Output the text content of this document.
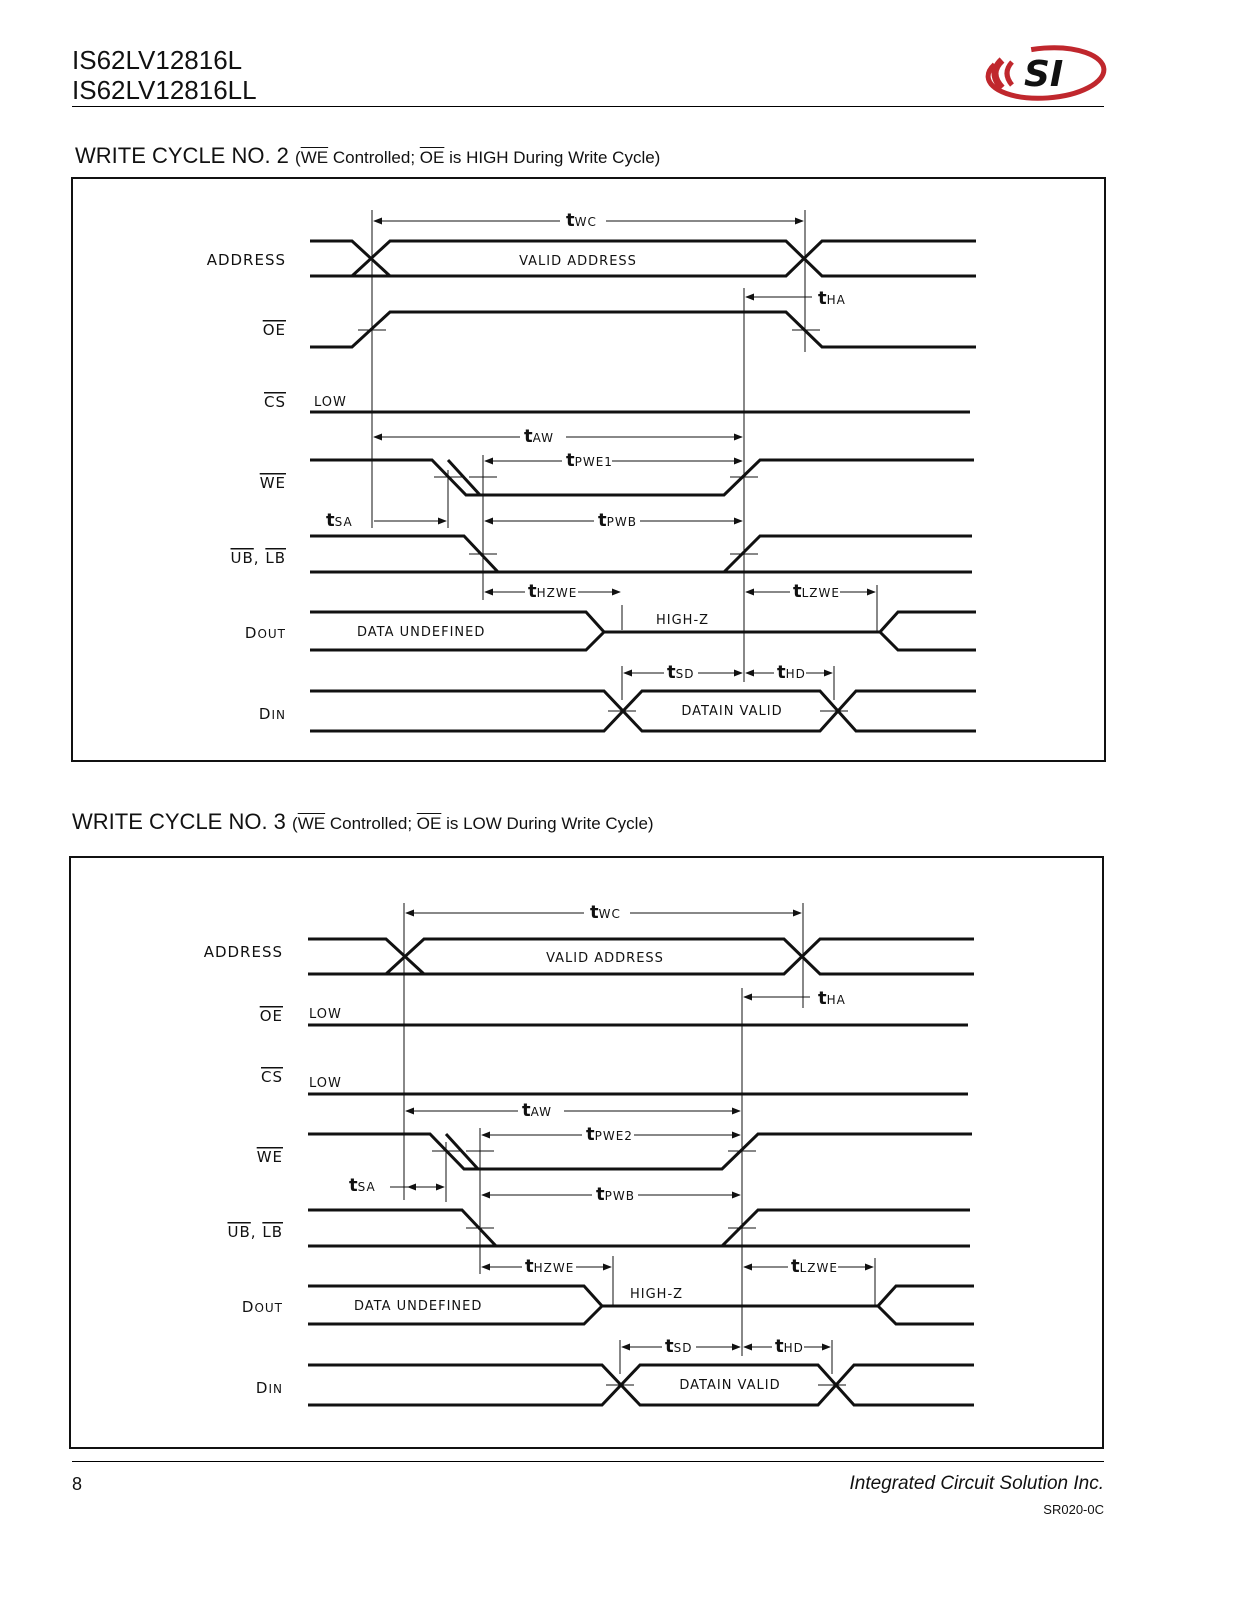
IS62LV12816L
IS62LV12816LL	SI
WRITE CYCLE NO. 2 ($\overline{WE}$ Controlled; $\overline{OE}$ is HIGH During Write Cycle)
ADDRESS
OE
CS
WE
UB, LB
DOUT
DIN
VALID ADDRESS
LOW
DATA UNDEFINED
HIGH-Z
DATAIN VALID
tWC
tHA
tAW
tPWE1
tSA	tPWB
tHZWE	tLZWE
tSD	tHD
WRITE CYCLE NO. 3 ($\overline{WE}$ Controlled; $\overline{OE}$ is LOW During Write Cycle)
ADDRESS
OE
CS
WE
UB, LB
DOUT
DIN
VALID ADDRESS
LOW
LOW
DATA UNDEFINED
HIGH-Z
DATAIN VALID
tWC
tHA
tAW
tPWE2
tSA	tPWB
tHZWE	tLZWE
tSD	tHD
8	Integrated Circuit Solution Inc.
SR020-0C
